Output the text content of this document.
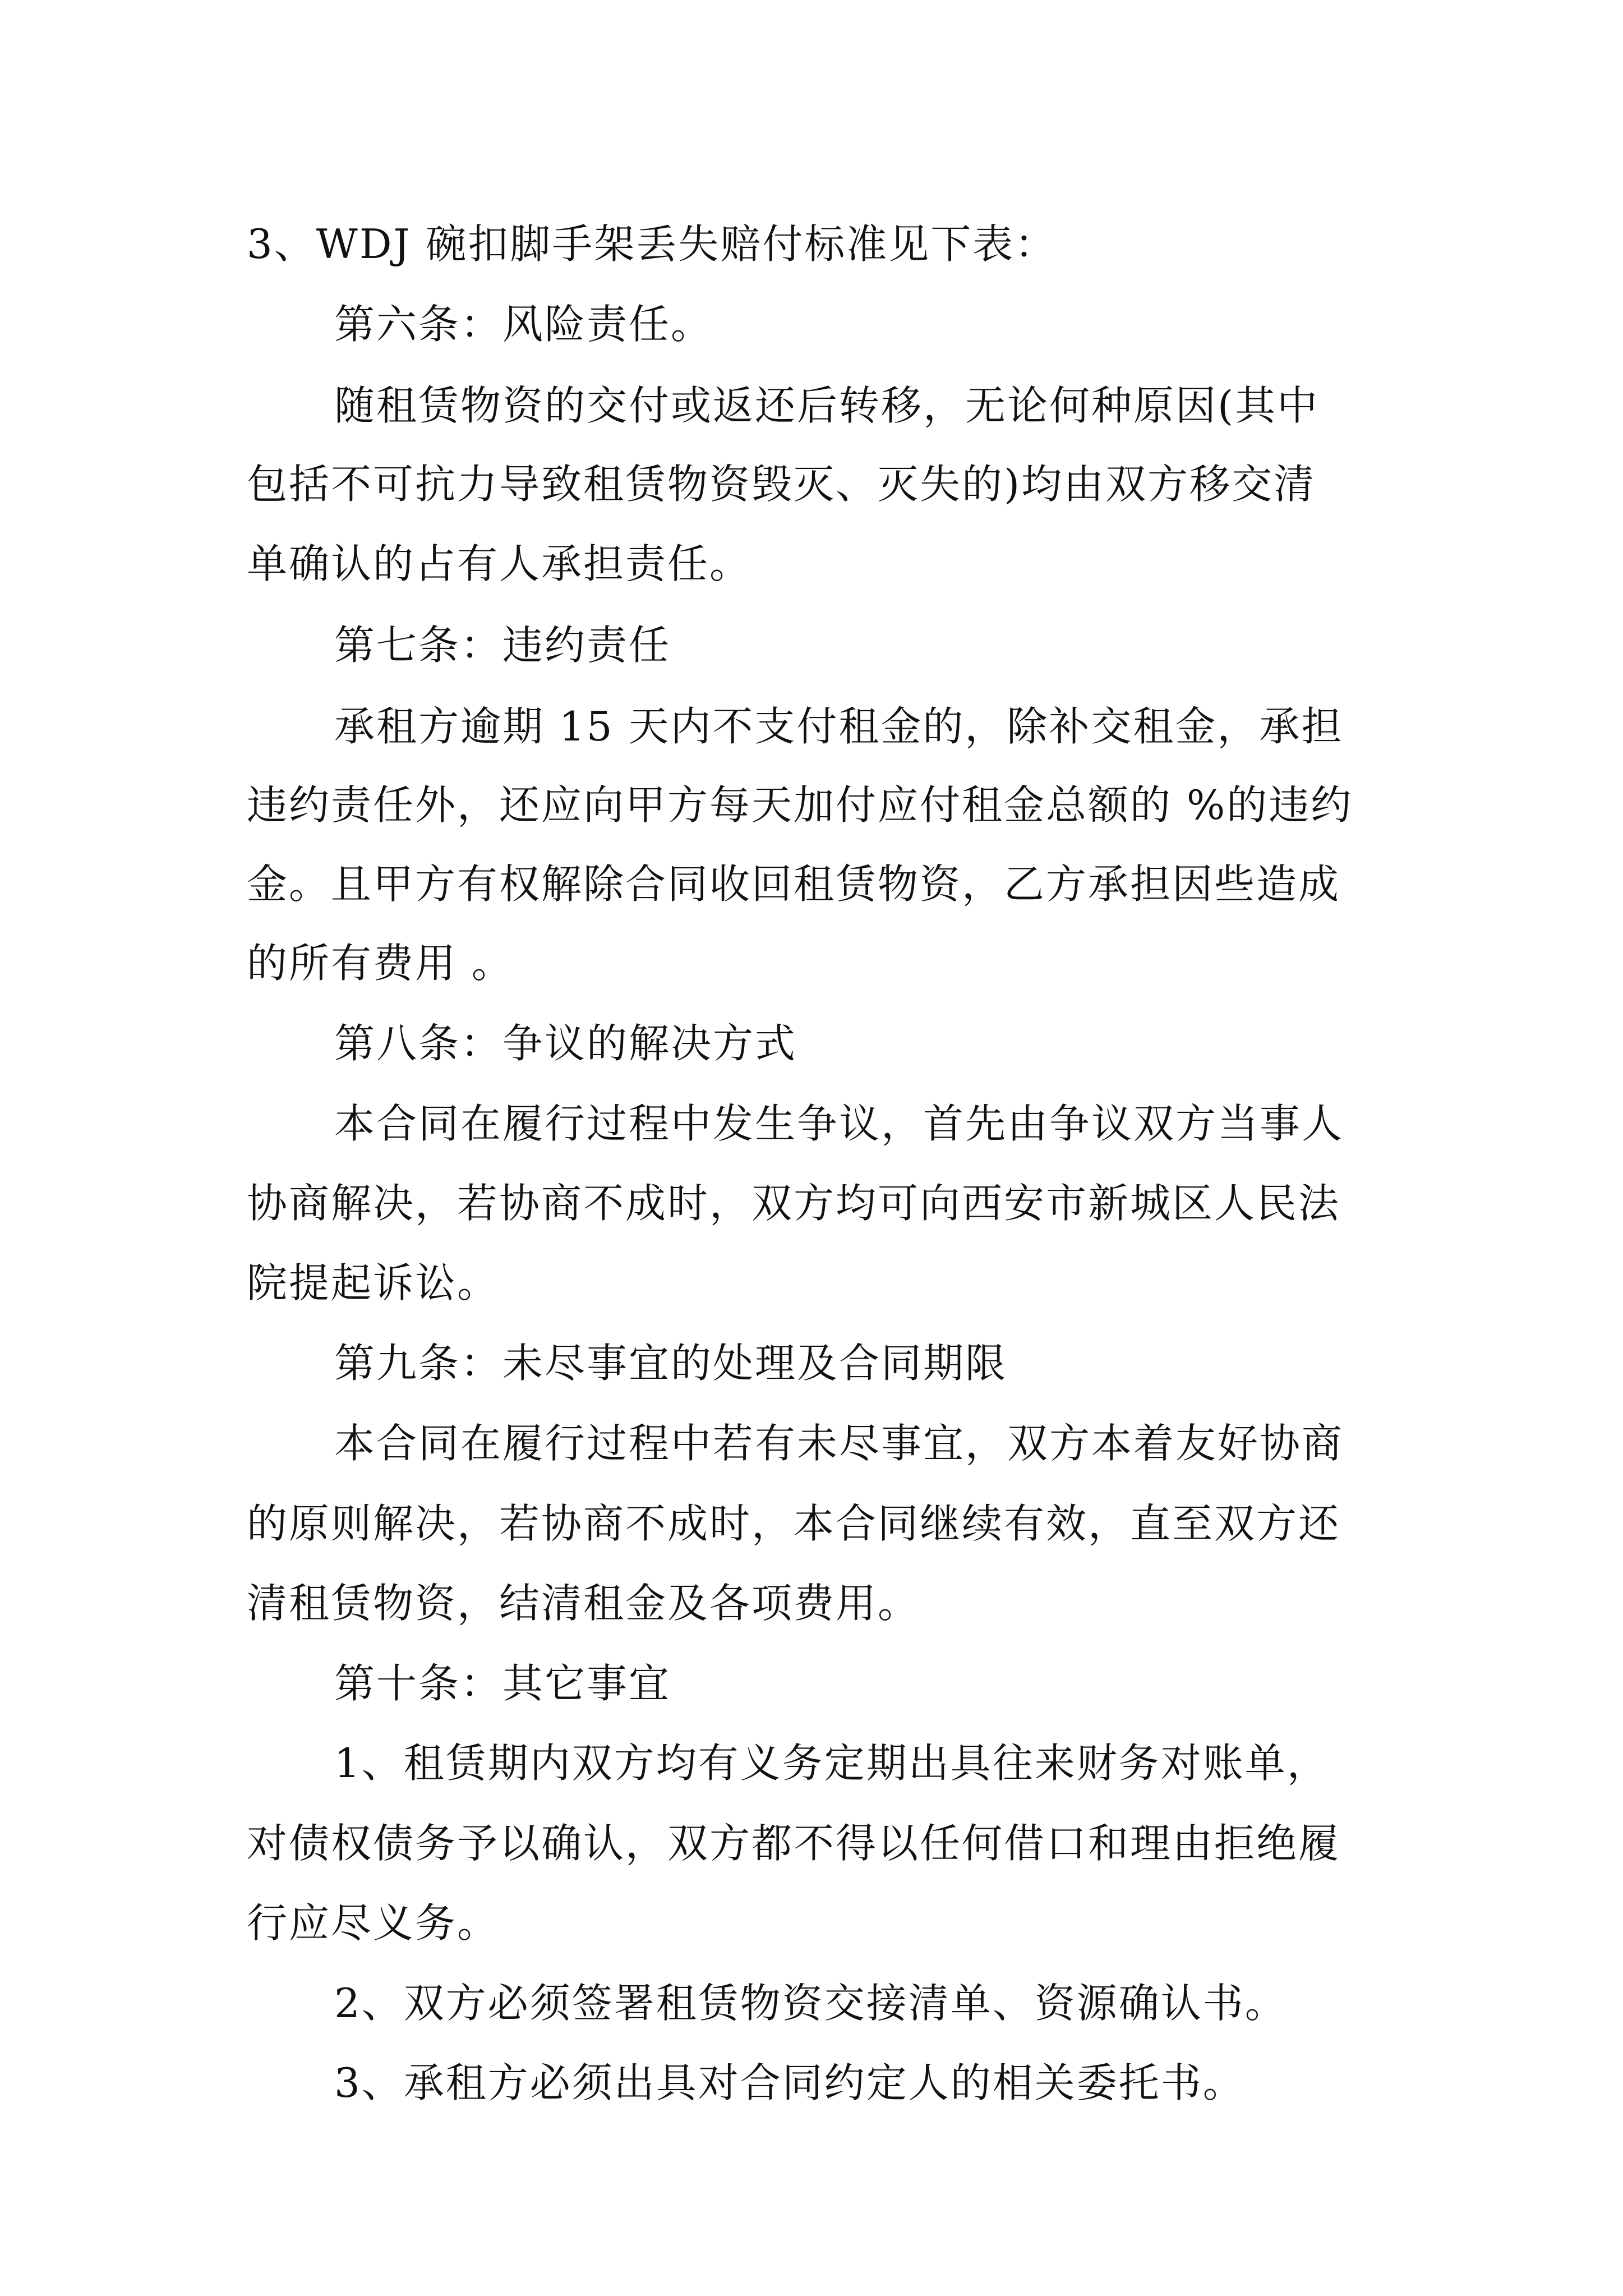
3、WDJ 碗扣脚手架丢失赔付标准见下表：
第六条：风险责任。
随租赁物资的交付或返还后转移，无论何种原因(其中
包括不可抗力导致租赁物资毁灭、灭失的)均由双方移交清
单确认的占有人承担责任。
第七条：违约责任
承租方逾期 15 天内不支付租金的，除补交租金，承担
违约责任外，还应向甲方每天加付应付租金总额的 %的违约
金。且甲方有权解除合同收回租赁物资，乙方承担因些造成
的所有费用 。
第八条：争议的解决方式
本合同在履行过程中发生争议，首先由争议双方当事人
协商解决，若协商不成时，双方均可向西安市新城区人民法
院提起诉讼。
第九条：未尽事宜的处理及合同期限
本合同在履行过程中若有未尽事宜，双方本着友好协商
的原则解决，若协商不成时，本合同继续有效，直至双方还
清租赁物资，结清租金及各项费用。
第十条：其它事宜
1、租赁期内双方均有义务定期出具往来财务对账单，
对债权债务予以确认，双方都不得以任何借口和理由拒绝履
行应尽义务。
2、双方必须签署租赁物资交接清单、资源确认书。
3、承租方必须出具对合同约定人的相关委托书。
